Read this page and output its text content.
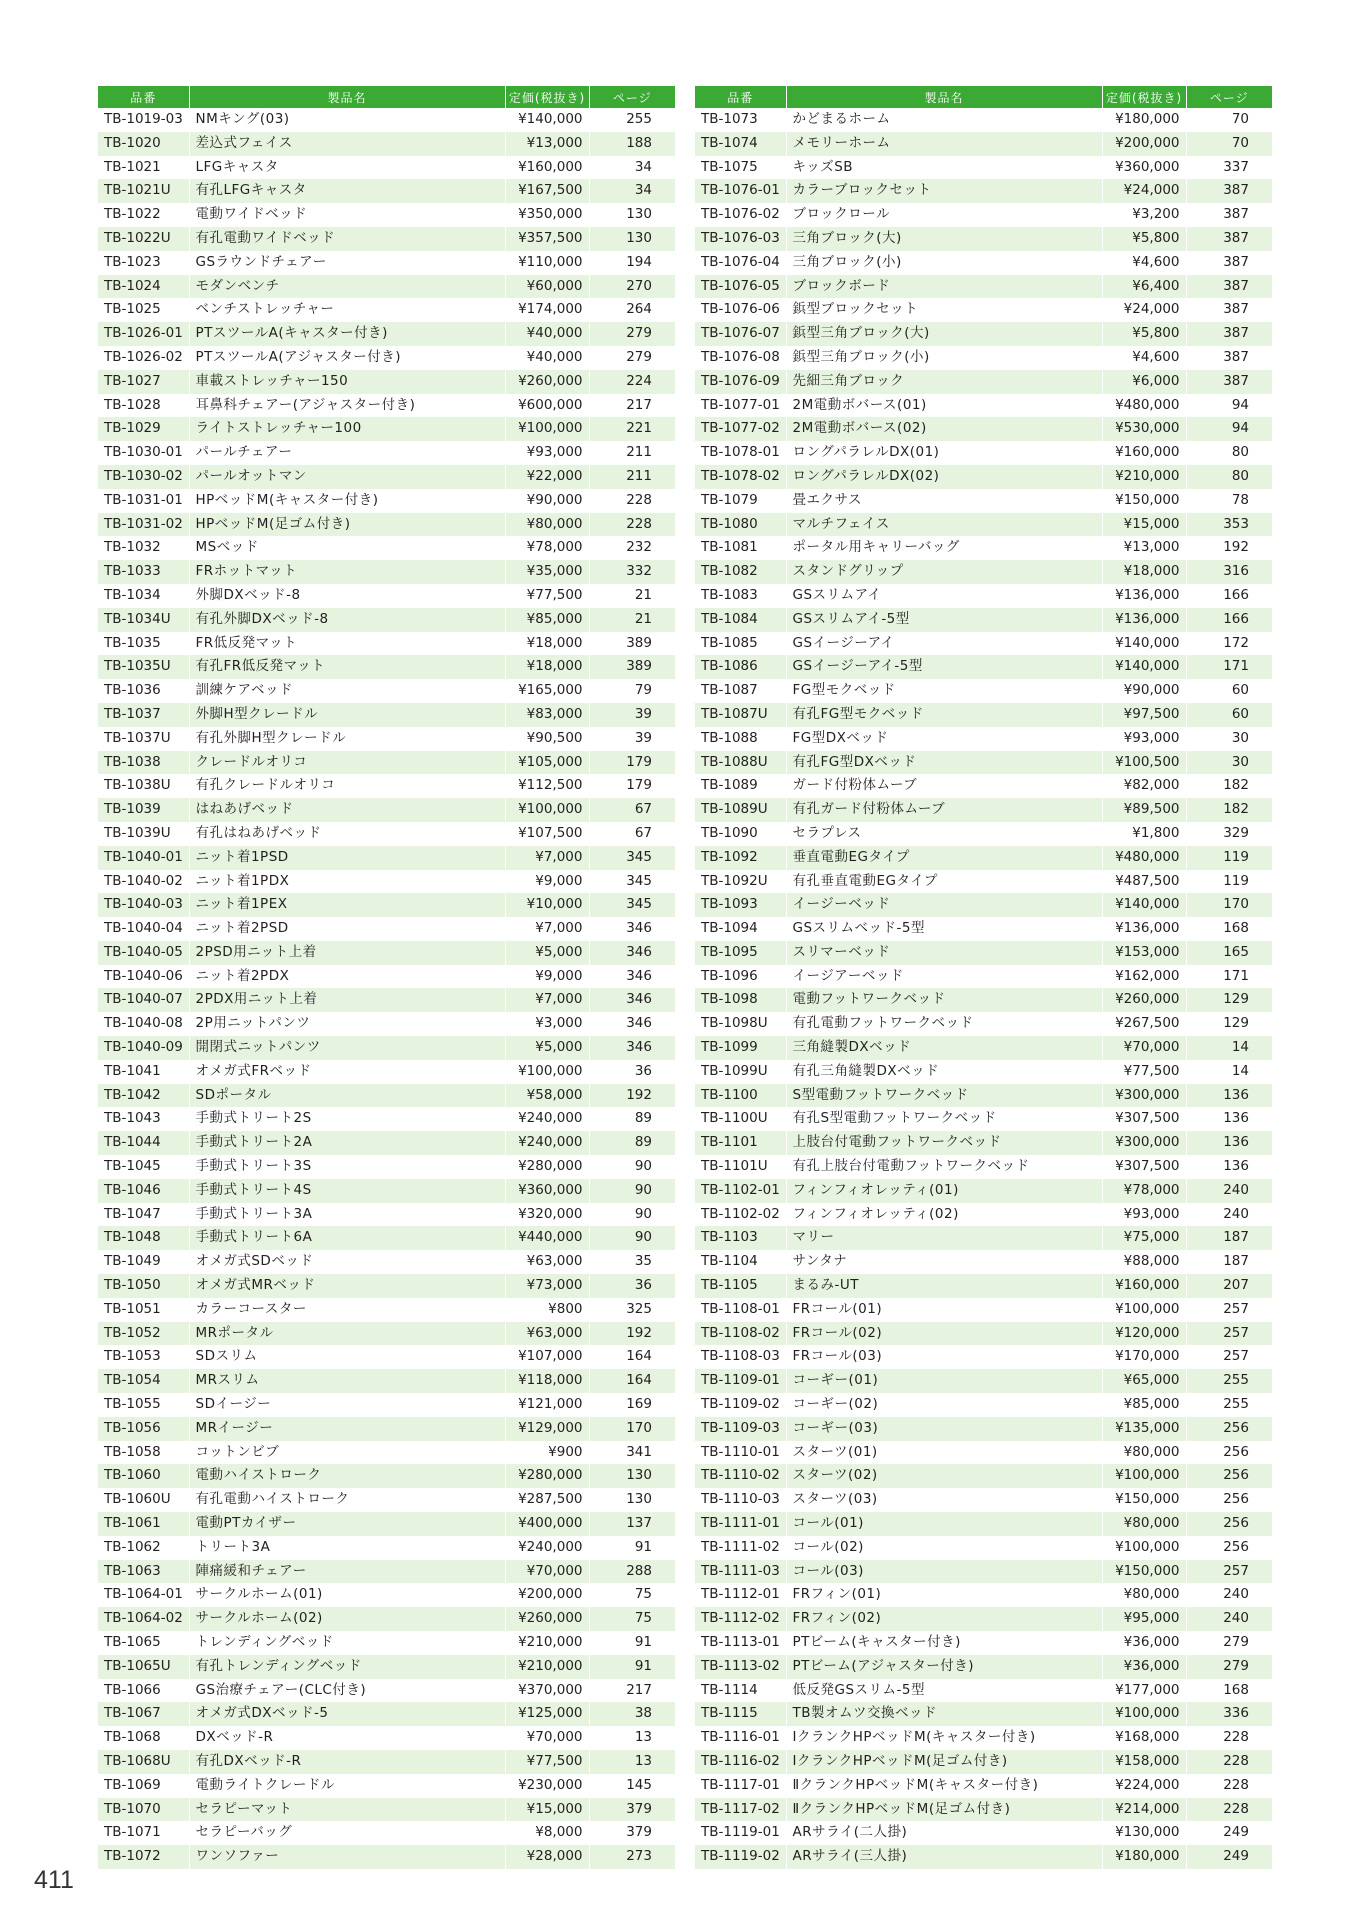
品番	製品名	定価(税抜き)	ページ
TB-1019-03	NMキング(03)	¥140,000	255
TB-1020	差込式フェイス	¥13,000	188
TB-1021	LFGキャスタ	¥160,000	34
TB-1021U	有孔LFGキャスタ	¥167,500	34
TB-1022	電動ワイドベッド	¥350,000	130
TB-1022U	有孔電動ワイドベッド	¥357,500	130
TB-1023	GSラウンドチェアー	¥110,000	194
TB-1024	モダンベンチ	¥60,000	270
TB-1025	ベンチストレッチャー	¥174,000	264
TB-1026-01	PTスツールA(キャスター付き)	¥40,000	279
TB-1026-02	PTスツールA(アジャスター付き)	¥40,000	279
TB-1027	車載ストレッチャー150	¥260,000	224
TB-1028	耳鼻科チェアー(アジャスター付き)	¥600,000	217
TB-1029	ライトストレッチャー100	¥100,000	221
TB-1030-01	パールチェアー	¥93,000	211
TB-1030-02	パールオットマン	¥22,000	211
TB-1031-01	HPベッドM(キャスター付き)	¥90,000	228
TB-1031-02	HPベッドM(足ゴム付き)	¥80,000	228
TB-1032	MSベッド	¥78,000	232
TB-1033	FRホットマット	¥35,000	332
TB-1034	外脚DXベッド-8	¥77,500	21
TB-1034U	有孔外脚DXベッド-8	¥85,000	21
TB-1035	FR低反発マット	¥18,000	389
TB-1035U	有孔FR低反発マット	¥18,000	389
TB-1036	訓練ケアベッド	¥165,000	79
TB-1037	外脚H型クレードル	¥83,000	39
TB-1037U	有孔外脚H型クレードル	¥90,500	39
TB-1038	クレードルオリコ	¥105,000	179
TB-1038U	有孔クレードルオリコ	¥112,500	179
TB-1039	はねあげベッド	¥100,000	67
TB-1039U	有孔はねあげベッド	¥107,500	67
TB-1040-01	ニット着1PSD	¥7,000	345
TB-1040-02	ニット着1PDX	¥9,000	345
TB-1040-03	ニット着1PEX	¥10,000	345
TB-1040-04	ニット着2PSD	¥7,000	346
TB-1040-05	2PSD用ニット上着	¥5,000	346
TB-1040-06	ニット着2PDX	¥9,000	346
TB-1040-07	2PDX用ニット上着	¥7,000	346
TB-1040-08	2P用ニットパンツ	¥3,000	346
TB-1040-09	開閉式ニットパンツ	¥5,000	346
TB-1041	オメガ式FRベッド	¥100,000	36
TB-1042	SDポータル	¥58,000	192
TB-1043	手動式トリート2S	¥240,000	89
TB-1044	手動式トリート2A	¥240,000	89
TB-1045	手動式トリート3S	¥280,000	90
TB-1046	手動式トリート4S	¥360,000	90
TB-1047	手動式トリート3A	¥320,000	90
TB-1048	手動式トリート6A	¥440,000	90
TB-1049	オメガ式SDベッド	¥63,000	35
TB-1050	オメガ式MRベッド	¥73,000	36
TB-1051	カラーコースター	¥800	325
TB-1052	MRポータル	¥63,000	192
TB-1053	SDスリム	¥107,000	164
TB-1054	MRスリム	¥118,000	164
TB-1055	SDイージー	¥121,000	169
TB-1056	MRイージー	¥129,000	170
TB-1058	コットンビブ	¥900	341
TB-1060	電動ハイストローク	¥280,000	130
TB-1060U	有孔電動ハイストローク	¥287,500	130
TB-1061	電動PTカイザー	¥400,000	137
TB-1062	トリート3A	¥240,000	91
TB-1063	陣痛緩和チェアー	¥70,000	288
TB-1064-01	サークルホーム(01)	¥200,000	75
TB-1064-02	サークルホーム(02)	¥260,000	75
TB-1065	トレンディングベッド	¥210,000	91
TB-1065U	有孔トレンディングベッド	¥210,000	91
TB-1066	GS治療チェアー(CLC付き)	¥370,000	217
TB-1067	オメガ式DXベッド-5	¥125,000	38
TB-1068	DXベッド-R	¥70,000	13
TB-1068U	有孔DXベッド-R	¥77,500	13
TB-1069	電動ライトクレードル	¥230,000	145
TB-1070	セラピーマット	¥15,000	379
TB-1071	セラピーバッグ	¥8,000	379
TB-1072	ワンソファー	¥28,000	273
品番	製品名	定価(税抜き)	ページ
TB-1073	かどまるホーム	¥180,000	70
TB-1074	メモリーホーム	¥200,000	70
TB-1075	キッズSB	¥360,000	337
TB-1076-01	カラーブロックセット	¥24,000	387
TB-1076-02	ブロックロール	¥3,200	387
TB-1076-03	三角ブロック(大)	¥5,800	387
TB-1076-04	三角ブロック(小)	¥4,600	387
TB-1076-05	ブロックボード	¥6,400	387
TB-1076-06	鋲型ブロックセット	¥24,000	387
TB-1076-07	鋲型三角ブロック(大)	¥5,800	387
TB-1076-08	鋲型三角ブロック(小)	¥4,600	387
TB-1076-09	先細三角ブロック	¥6,000	387
TB-1077-01	2M電動ボバース(01)	¥480,000	94
TB-1077-02	2M電動ボバース(02)	¥530,000	94
TB-1078-01	ロングパラレルDX(01)	¥160,000	80
TB-1078-02	ロングパラレルDX(02)	¥210,000	80
TB-1079	畳エクサス	¥150,000	78
TB-1080	マルチフェイス	¥15,000	353
TB-1081	ポータル用キャリーバッグ	¥13,000	192
TB-1082	スタンドグリップ	¥18,000	316
TB-1083	GSスリムアイ	¥136,000	166
TB-1084	GSスリムアイ-5型	¥136,000	166
TB-1085	GSイージーアイ	¥140,000	172
TB-1086	GSイージーアイ-5型	¥140,000	171
TB-1087	FG型モクベッド	¥90,000	60
TB-1087U	有孔FG型モクベッド	¥97,500	60
TB-1088	FG型DXベッド	¥93,000	30
TB-1088U	有孔FG型DXベッド	¥100,500	30
TB-1089	ガード付粉体ムーブ	¥82,000	182
TB-1089U	有孔ガード付粉体ムーブ	¥89,500	182
TB-1090	セラプレス	¥1,800	329
TB-1092	垂直電動EGタイプ	¥480,000	119
TB-1092U	有孔垂直電動EGタイプ	¥487,500	119
TB-1093	イージーベッド	¥140,000	170
TB-1094	GSスリムベッド-5型	¥136,000	168
TB-1095	スリマーベッド	¥153,000	165
TB-1096	イージアーベッド	¥162,000	171
TB-1098	電動フットワークベッド	¥260,000	129
TB-1098U	有孔電動フットワークベッド	¥267,500	129
TB-1099	三角縫製DXベッド	¥70,000	14
TB-1099U	有孔三角縫製DXベッド	¥77,500	14
TB-1100	S型電動フットワークベッド	¥300,000	136
TB-1100U	有孔S型電動フットワークベッド	¥307,500	136
TB-1101	上肢台付電動フットワークベッド	¥300,000	136
TB-1101U	有孔上肢台付電動フットワークベッド	¥307,500	136
TB-1102-01	フィンフィオレッティ(01)	¥78,000	240
TB-1102-02	フィンフィオレッティ(02)	¥93,000	240
TB-1103	マリー	¥75,000	187
TB-1104	サンタナ	¥88,000	187
TB-1105	まるみ-UT	¥160,000	207
TB-1108-01	FRコール(01)	¥100,000	257
TB-1108-02	FRコール(02)	¥120,000	257
TB-1108-03	FRコール(03)	¥170,000	257
TB-1109-01	コーギー(01)	¥65,000	255
TB-1109-02	コーギー(02)	¥85,000	255
TB-1109-03	コーギー(03)	¥135,000	256
TB-1110-01	スターツ(01)	¥80,000	256
TB-1110-02	スターツ(02)	¥100,000	256
TB-1110-03	スターツ(03)	¥150,000	256
TB-1111-01	コール(01)	¥80,000	256
TB-1111-02	コール(02)	¥100,000	256
TB-1111-03	コール(03)	¥150,000	257
TB-1112-01	FRフィン(01)	¥80,000	240
TB-1112-02	FRフィン(02)	¥95,000	240
TB-1113-01	PTビーム(キャスター付き)	¥36,000	279
TB-1113-02	PTビーム(アジャスター付き)	¥36,000	279
TB-1114	低反発GSスリム-5型	¥177,000	168
TB-1115	TB製オムツ交換ベッド	¥100,000	336
TB-1116-01	ⅠクランクHPベッドM(キャスター付き)	¥168,000	228
TB-1116-02	ⅠクランクHPベッドM(足ゴム付き)	¥158,000	228
TB-1117-01	ⅡクランクHPベッドM(キャスター付き)	¥224,000	228
TB-1117-02	ⅡクランクHPベッドM(足ゴム付き)	¥214,000	228
TB-1119-01	ARサライ(二人掛)	¥130,000	249
TB-1119-02	ARサライ(三人掛)	¥180,000	249
411
